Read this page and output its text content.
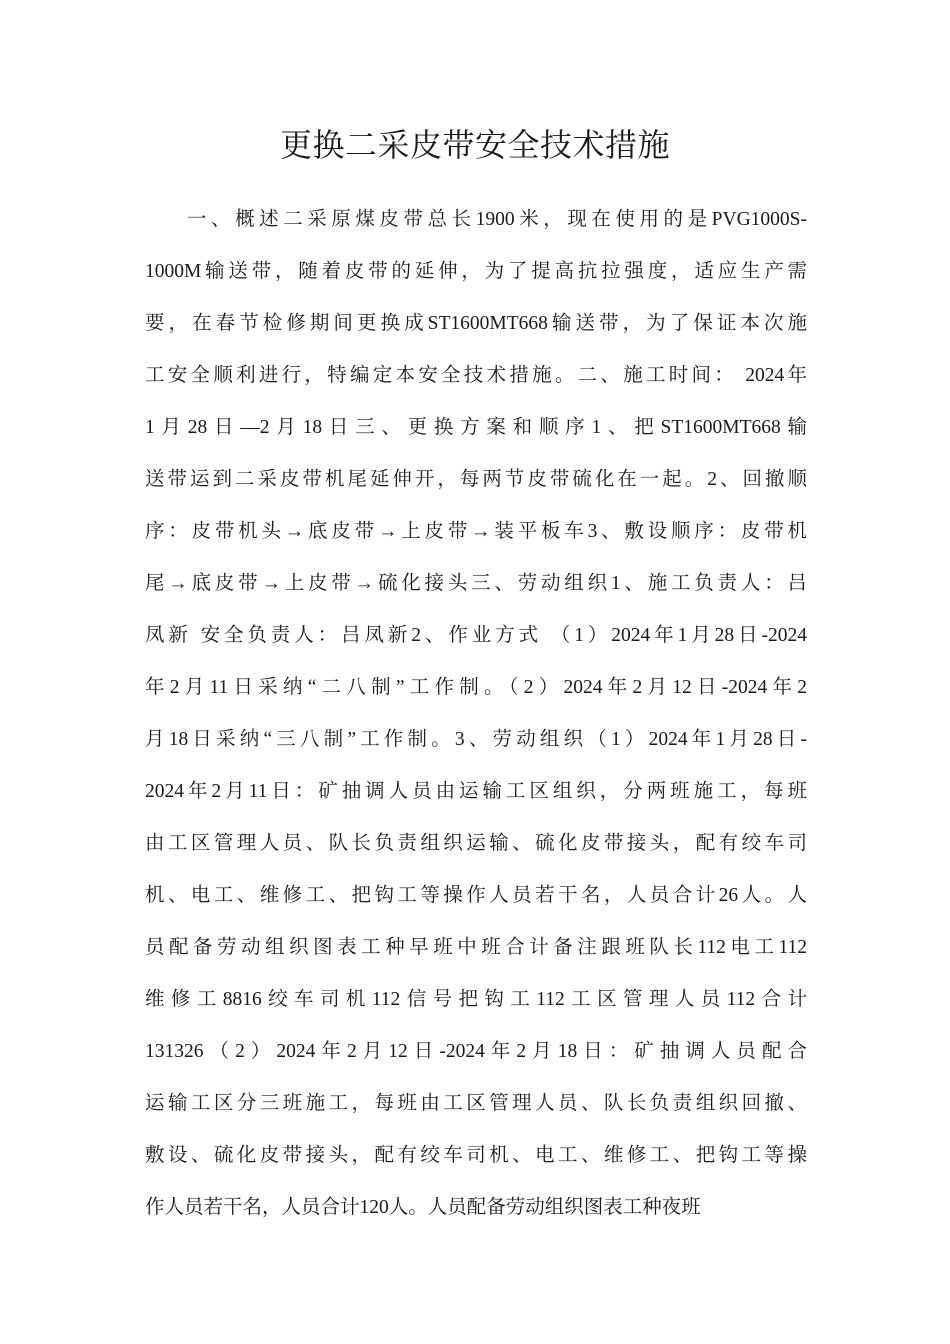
更换二采皮带安全技术措施
一、概述二采原煤皮带总长1900米，现在使用的是PVG1000S-
1000M输送带，随着皮带的延伸，为了提高抗拉强度，适应生产需
要，在春节检修期间更换成ST1600MT668输送带，为了保证本次施
工安全顺利进行，特编定本安全技术措施。二、施工时间： 2024年
1月28日—2月18日三、更换方案和顺序1、把ST1600MT668输
送带运到二采皮带机尾延伸开，每两节皮带硫化在一起。2、回撤顺
序：皮带机头→底皮带→上皮带→装平板车3、敷设顺序：皮带机
尾→底皮带→上皮带→硫化接头三、劳动组织1、施工负责人：吕
凤新 安全负责人：吕凤新2、作业方式 （1）2024年1月28日-2024
年2月11日采纳“二八制”工作制。（2）2024年2月12日-2024年2
月18日采纳“三八制”工作制。3、劳动组织（1）2024年1月28日-
2024年2月11日：矿抽调人员由运输工区组织，分两班施工，每班
由工区管理人员、队长负责组织运输、硫化皮带接头，配有绞车司
机、电工、维修工、把钩工等操作人员若干名，人员合计26人。人
员配备劳动组织图表工种早班中班合计备注跟班队长112电工112
维修工8816绞车司机112信号把钩工112工区管理人员112合计
131326（2）2024年2月12日-2024年2月18日：矿抽调人员配合
运输工区分三班施工，每班由工区管理人员、队长负责组织回撤、
敷设、硫化皮带接头，配有绞车司机、电工、维修工、把钩工等操
作人员若干名，人员合计120人。人员配备劳动组织图表工种夜班
